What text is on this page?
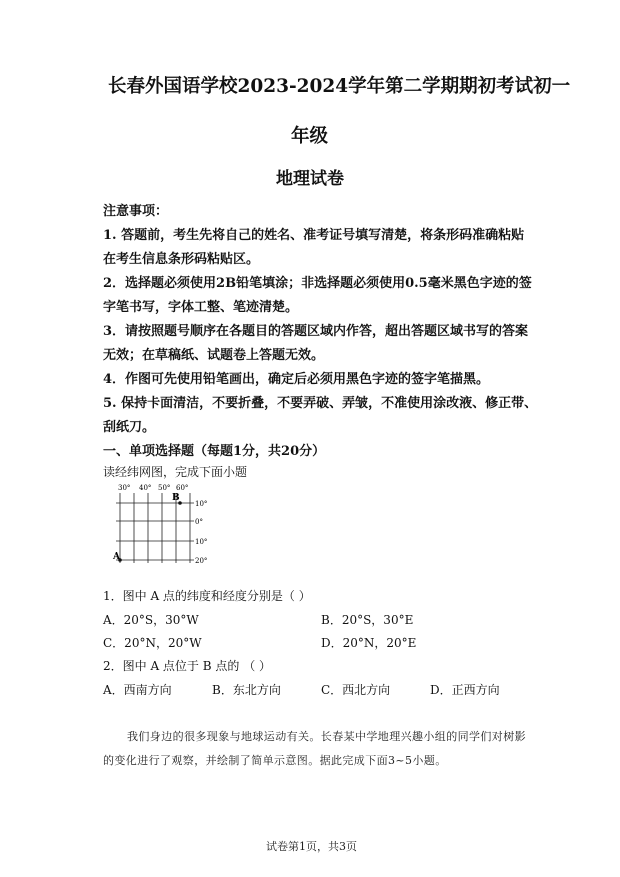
长春外国语学校2023-2024学年第二学期期初考试初一
年级
地理试卷
注意事项：
1. 答题前，考生先将自己的姓名、准考证号填写清楚，将条形码准确粘贴
在考生信息条形码粘贴区。
2．选择题必须使用2B铅笔填涂；非选择题必须使用0.5毫米黑色字迹的签
字笔书写，字体工整、笔迹清楚。
3．请按照题号顺序在各题目的答题区域内作答，超出答题区域书写的答案
无效；在草稿纸、试题卷上答题无效。
4．作图可先使用铅笔画出，确定后必须用黑色字迹的签字笔描黑。
5. 保持卡面清洁，不要折叠，不要弄破、弄皱，不准使用涂改液、修正带、
刮纸刀。
一、单项选择题（每题1分，共20分）
读经纬网图，完成下面小题
30° 40° 50° 60°
10°
0°
10°
20°
B
A
1．图中 A 点的纬度和经度分别是（ ）
A．20°S，30°W	B．20°S，30°E
C．20°N，20°W	D．20°N，20°E
2．图中 A 点位于 B 点的 （ ）
A．西南方向	B．东北方向	C．西北方向	D．正西方向
我们身边的很多现象与地球运动有关。长春某中学地理兴趣小组的同学们对树影
的变化进行了观察，并绘制了简单示意图。据此完成下面3~5小题。
试卷第1页，共3页
